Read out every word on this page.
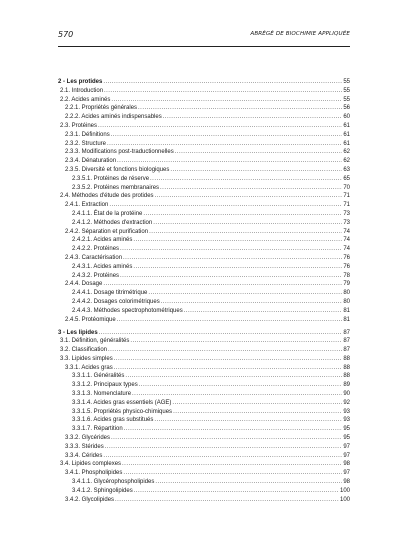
570	ABRÉGÉ DE BIOCHIMIE APPLIQUÉE
2 - Les protides . . .	55
2.1. Introduction . . .	55
2.2. Acides aminés . . .	55
2.2.1. Propriétés générales . . .	56
2.2.2. Acides aminés indispensables . . .	60
2.3. Protéines . . .	61
2.3.1. Définitions . . .	61
2.3.2. Structure . . .	61
2.3.3. Modifications post-traductionnelles . . .	62
2.3.4. Dénaturation . . .	62
2.3.5. Diversité et fonctions biologiques . . .	63
2.3.5.1. Protéines de réserve . . .	65
2.3.5.2. Protéines membranaires . . .	70
2.4. Méthodes d'étude des protides . . .	71
2.4.1. Extraction . . .	71
2.4.1.1. État de la protéine . . .	73
2.4.1.2. Méthodes d'extraction . . .	73
2.4.2. Séparation et purification . . .	74
2.4.2.1. Acides aminés . . .	74
2.4.2.2. Protéines . . .	74
2.4.3. Caractérisation . . .	76
2.4.3.1. Acides aminés . . .	76
2.4.3.2. Protéines . . .	78
2.4.4. Dosage . . .	79
2.4.4.1. Dosage titrimétrique . . .	80
2.4.4.2. Dosages colorimétriques . . .	80
2.4.4.3. Méthodes spectrophotométriques . . .	81
2.4.5. Protéomique . . .	81
3 - Les lipides . . .	87
3.1. Définition, généralités . . .	87
3.2. Classification . . .	87
3.3. Lipides simples . . .	88
3.3.1. Acides gras . . .	88
3.3.1.1. Généralités . . .	88
3.3.1.2. Principaux types . . .	89
3.3.1.3. Nomenclature . . .	90
3.3.1.4. Acides gras essentiels (AGE) . . .	92
3.3.1.5. Propriétés physico-chimiques . . .	93
3.3.1.6. Acides gras substitués . . .	93
3.3.1.7. Répartition . . .	95
3.3.2. Glycérides . . .	95
3.3.3. Stérides . . .	97
3.3.4. Cérides . . .	97
3.4. Lipides complexes . . .	98
3.4.1. Phospholipides . . .	97
3.4.1.1. Glycérophospholipides . . .	98
3.4.1.2. Sphingolipides . . .	100
3.4.2. Glycolipides . . .	100
